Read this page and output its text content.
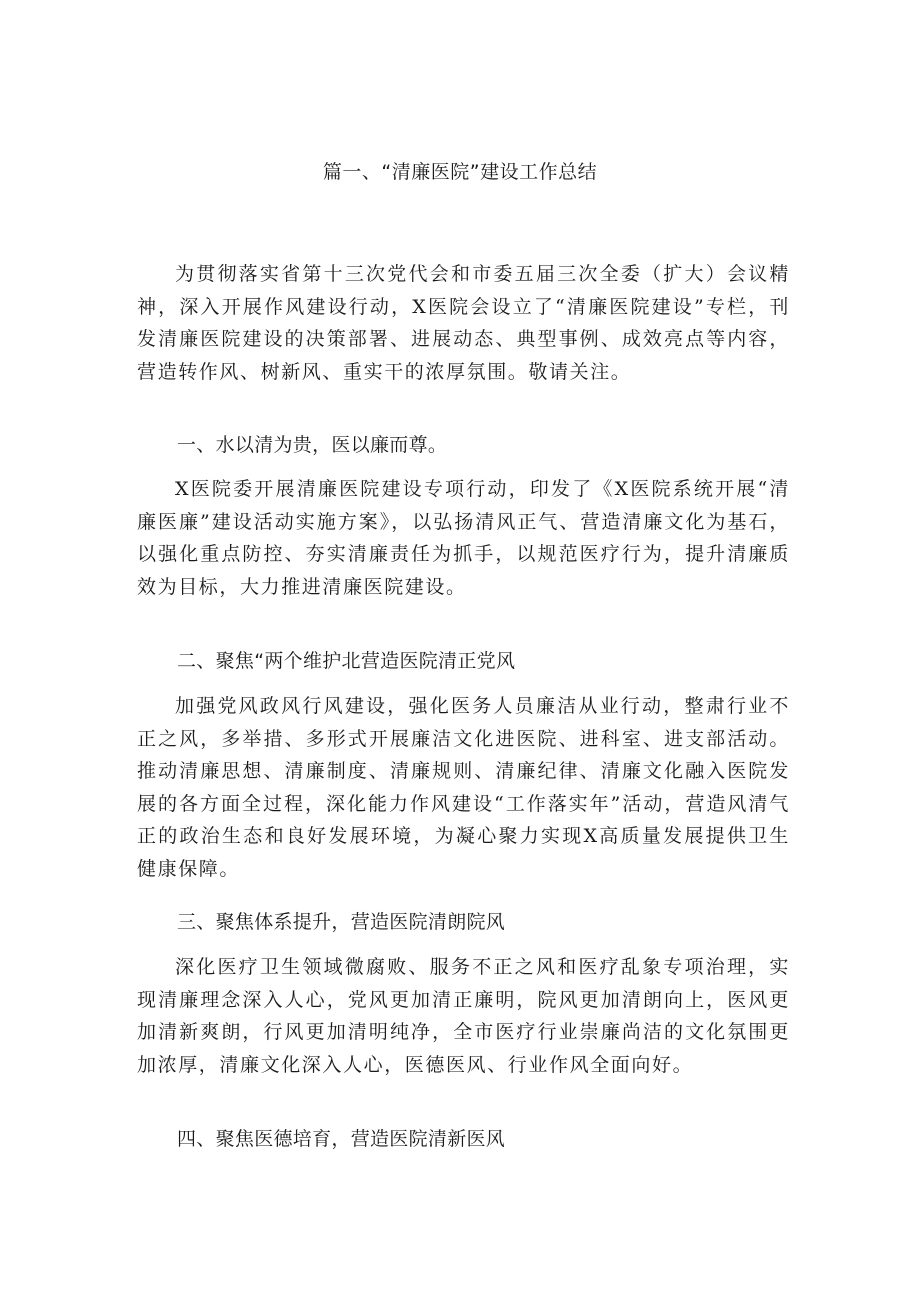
篇一、“清廉医院”建设工作总结

为贯彻落实省第十三次党代会和市委五届三次全委（扩大）会议精神，深入开展作风建设行动，X医院会设立了“清廉医院建设”专栏，刊发清廉医院建设的决策部署、进展动态、典型事例、成效亮点等内容，营造转作风、树新风、重实干的浓厚氛围。敬请关注。

一、水以清为贵，医以廉而尊。

X医院委开展清廉医院建设专项行动，印发了《X医院系统开展“清廉医廉”建设活动实施方案》，以弘扬清风正气、营造清廉文化为基石，以强化重点防控、夯实清廉责任为抓手，以规范医疗行为，提升清廉质效为目标，大力推进清廉医院建设。

二、聚焦“两个维护北营造医院清正党风

加强党风政风行风建设，强化医务人员廉洁从业行动，整肃行业不正之风，多举措、多形式开展廉洁文化进医院、进科室、进支部活动。推动清廉思想、清廉制度、清廉规则、清廉纪律、清廉文化融入医院发展的各方面全过程，深化能力作风建设“工作落实年”活动，营造风清气正的政治生态和良好发展环境，为凝心聚力实现X高质量发展提供卫生健康保障。

三、聚焦体系提升，营造医院清朗院风

深化医疗卫生领域微腐败、服务不正之风和医疗乱象专项治理，实现清廉理念深入人心，党风更加清正廉明，院风更加清朗向上，医风更加清新爽朗，行风更加清明纯净，全市医疗行业崇廉尚洁的文化氛围更加浓厚，清廉文化深入人心，医德医风、行业作风全面向好。

四、聚焦医德培育，营造医院清新医风
